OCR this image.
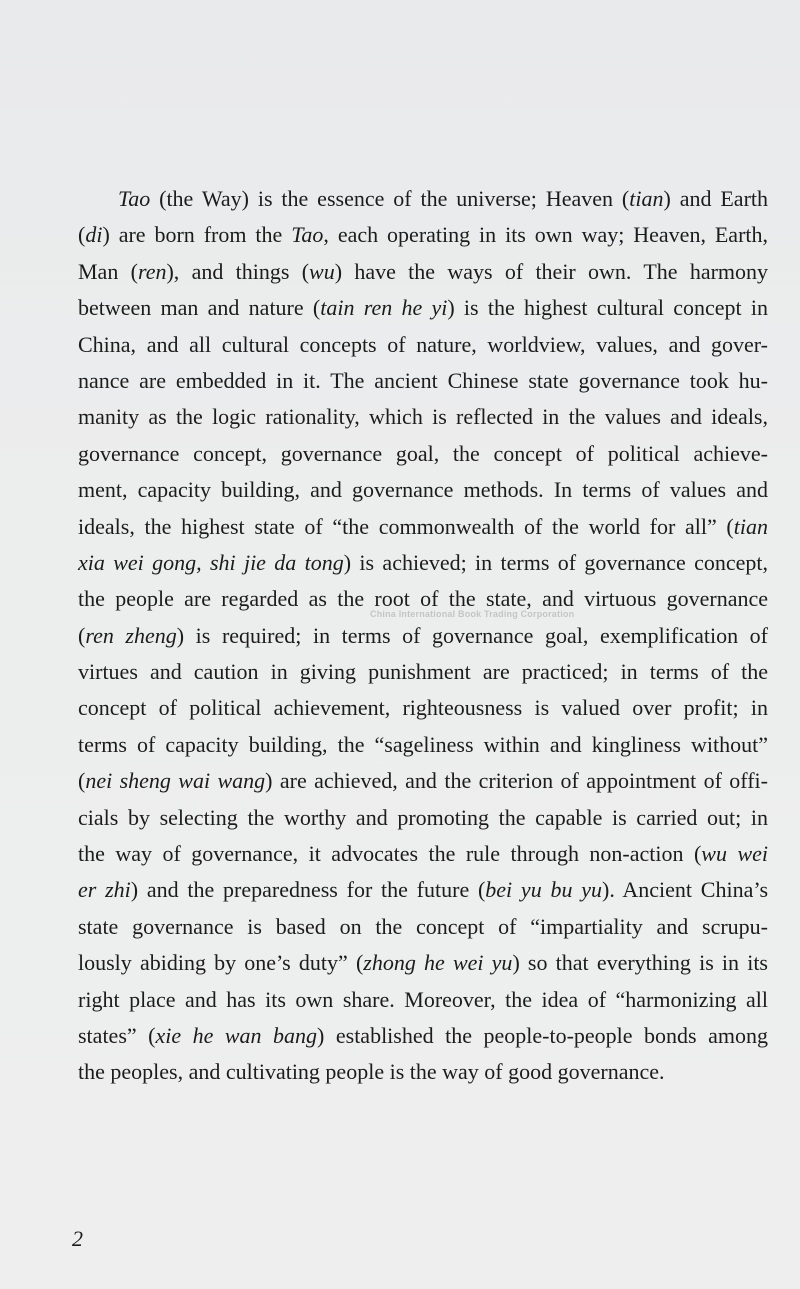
Tao (the Way) is the essence of the universe; Heaven (tian) and Earth
(di) are born from the Tao, each operating in its own way; Heaven, Earth,
Man (ren), and things (wu) have the ways of their own. The harmony
between man and nature (tain ren he yi) is the highest cultural concept in
China, and all cultural concepts of nature, worldview, values, and gover-
nance are embedded in it. The ancient Chinese state governance took hu-
manity as the logic rationality, which is reflected in the values and ideals,
governance concept, governance goal, the concept of political achieve-
ment, capacity building, and governance methods. In terms of values and
ideals, the highest state of “the commonwealth of the world for all” (tian
xia wei gong, shi jie da tong) is achieved; in terms of governance concept,
the people are regarded as the root of the state, and virtuous governance
(ren zheng) is required; in terms of governance goal, exemplification of
virtues and caution in giving punishment are practiced; in terms of the
concept of political achievement, righteousness is valued over profit; in
terms of capacity building, the “sageliness within and kingliness without”
(nei sheng wai wang) are achieved, and the criterion of appointment of offi-
cials by selecting the worthy and promoting the capable is carried out; in
the way of governance, it advocates the rule through non-action (wu wei
er zhi) and the preparedness for the future (bei yu bu yu). Ancient China’s
state governance is based on the concept of “impartiality and scrupu-
lously abiding by one’s duty” (zhong he wei yu) so that everything is in its
right place and has its own share. Moreover, the idea of “harmonizing all
states” (xie he wan bang) established the people-to-people bonds among
the peoples, and cultivating people is the way of good governance.
China International Book Trading Corporation
2
